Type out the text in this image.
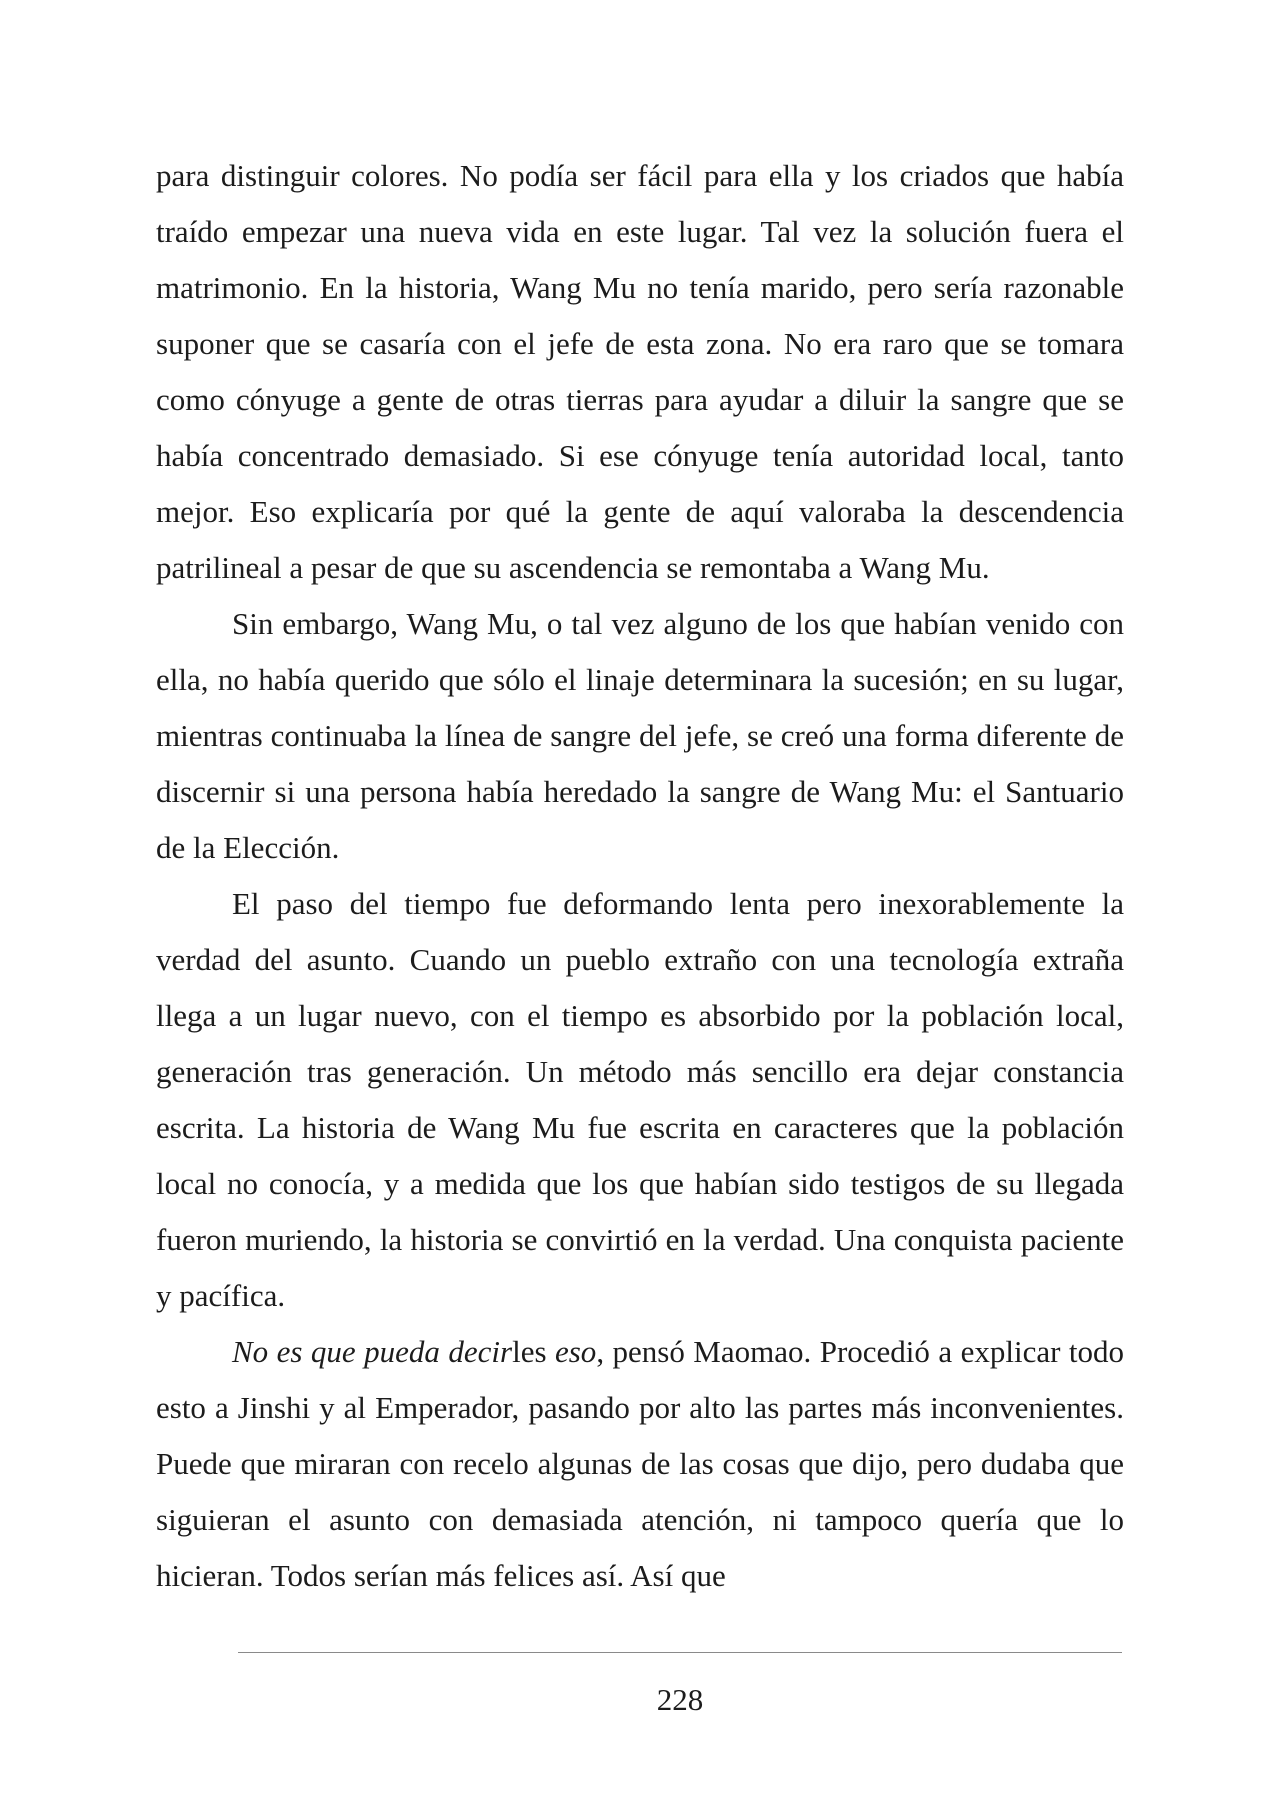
para distinguir colores. No podía ser fácil para ella y los criados que había traído empezar una nueva vida en este lugar. Tal vez la solución fuera el matrimonio. En la historia, Wang Mu no tenía marido, pero sería razonable suponer que se casaría con el jefe de esta zona. No era raro que se tomara como cónyuge a gente de otras tierras para ayudar a diluir la sangre que se había concentrado demasiado. Si ese cónyuge tenía autoridad local, tanto mejor. Eso explicaría por qué la gente de aquí valoraba la descendencia patrilineal a pesar de que su ascendencia se remontaba a Wang Mu.

Sin embargo, Wang Mu, o tal vez alguno de los que habían venido con ella, no había querido que sólo el linaje determinara la sucesión; en su lugar, mientras continuaba la línea de sangre del jefe, se creó una forma diferente de discernir si una persona había heredado la sangre de Wang Mu: el Santuario de la Elección.

El paso del tiempo fue deformando lenta pero inexorablemente la verdad del asunto. Cuando un pueblo extraño con una tecnología extraña llega a un lugar nuevo, con el tiempo es absorbido por la población local, generación tras generación. Un método más sencillo era dejar constancia escrita. La historia de Wang Mu fue escrita en caracteres que la población local no conocía, y a medida que los que habían sido testigos de su llegada fueron muriendo, la historia se convirtió en la verdad. Una conquista paciente y pacífica.

No es que pueda decirles eso, pensó Maomao. Procedió a explicar todo esto a Jinshi y al Emperador, pasando por alto las partes más inconvenientes. Puede que miraran con recelo algunas de las cosas que dijo, pero dudaba que siguieran el asunto con demasiada atención, ni tampoco quería que lo hicieran. Todos serían más felices así. Así que

228
